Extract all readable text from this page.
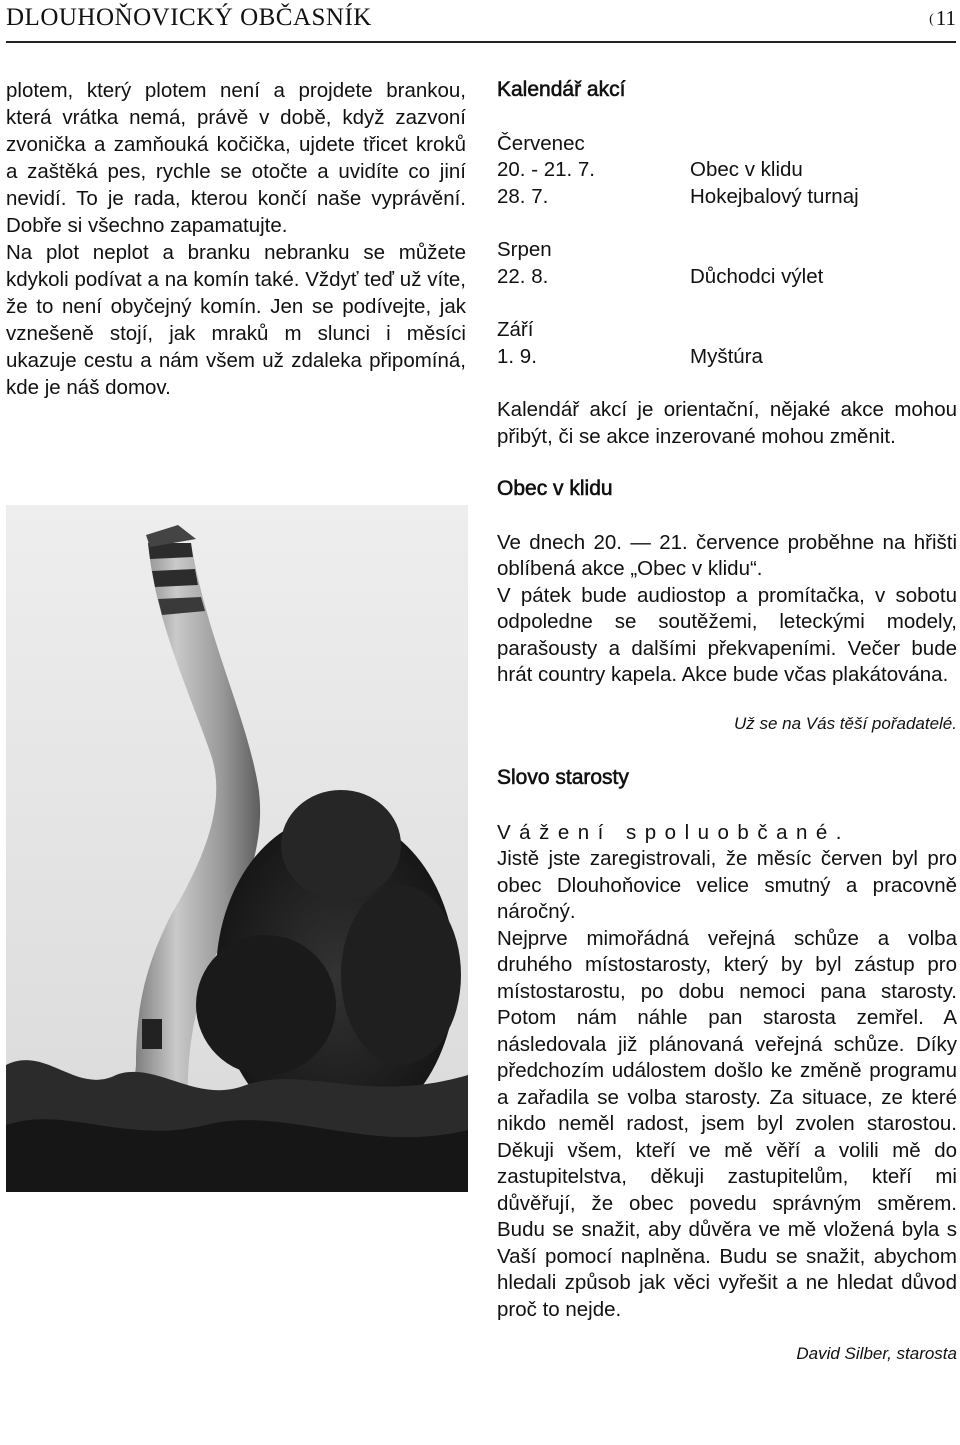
DLOUHOŇOVICKÝ OBČASNÍK	(11

plotem, který plotem není a projdete brankou, která vrátka nemá, právě v době, když zazvoní zvonička a zamňouká kočička, ujdete třicet kroků a zaštěká pes, rychle se otočte a uvidíte co jiní nevidí. To je rada, kterou končí naše vyprávění. Dobře si všechno zapamatujte.

Na plot neplot a branku nebranku se můžete kdykoli podívat a na komín také. Vždyť teď už víte, že to není obyčejný komín. Jen se podívejte, jak vznešeně stojí, jak mraků m slunci i měsíci ukazuje cestu a nám všem už zdaleka připomíná, kde je náš domov.

Kalendář akcí

Červenec

20. - 21. 7.	Obec v klidu
28. 7.	Hokejbalový turnaj

Srpen

22. 8.	Důchodci výlet

Září

1. 9.	Myštúra

Kalendář akcí je orientační, nějaké akce mohou přibýt, či se akce inzerované mohou změnit.

Obec v klidu

Ve dnech 20. — 21. července proběhne na hřišti oblíbená akce „Obec v klidu“.

V pátek bude audiostop a promítačka, v sobotu odpoledne se soutěžemi, leteckými modely, parašousty a dalšími překvapeními. Večer bude hrát country kapela. Akce bude včas plakátována.

Už se na Vás těší pořadatelé.

Slovo starosty

Vážení spoluobčané.

Jistě jste zaregistrovali, že měsíc červen byl pro obec Dlouhoňovice velice smutný a pracovně náročný.

Nejprve mimořádná veřejná schůze a volba druhého místostarosty, který by byl zástup pro místostarostu, po dobu nemoci pana starosty. Potom nám náhle pan starosta zemřel. A následovala již plánovaná veřejná schůze. Díky předchozím událostem došlo ke změně programu a zařadila se volba starosty. Za situace, ze které nikdo neměl radost, jsem byl zvolen starostou. Děkuji všem, kteří ve mě věří a volili mě do zastupitelstva, děkuji zastupitelům, kteří mi důvěřují, že obec povedu správným směrem. Budu se snažit, aby důvěra ve mě vložená byla s Vaší pomocí naplněna. Budu se snažit, abychom hledali způsob jak věci vyřešit a ne hledat důvod proč to nejde.

David Silber, starosta
